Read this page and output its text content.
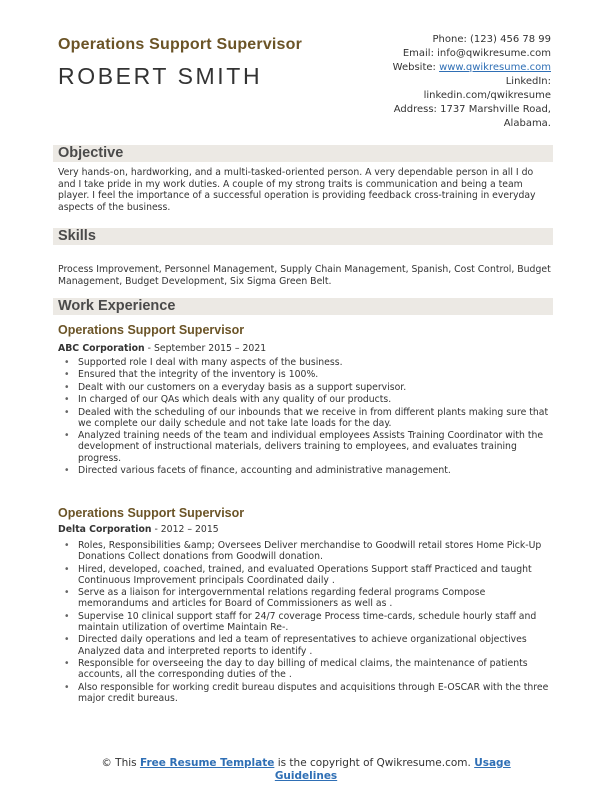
Operations Support Supervisor
ROBERT SMITH
Phone: (123) 456 78 99
Email: info@qwikresume.com
Website: www.qwikresume.com
LinkedIn:
linkedin.com/qwikresume
Address: 1737 Marshville Road,
Alabama.
Objective
Very hands-on, hardworking, and a multi-tasked-oriented person. A very dependable person in all I do and I take pride in my work duties. A couple of my strong traits is communication and being a team player. I feel the importance of a successful operation is providing feedback cross-training in everyday aspects of the business.
Skills
Process Improvement, Personnel Management, Supply Chain Management, Spanish, Cost Control, Budget Management, Budget Development, Six Sigma Green Belt.
Work Experience
Operations Support Supervisor
ABC Corporation - September 2015 – 2021
• Supported role I deal with many aspects of the business.
• Ensured that the integrity of the inventory is 100%.
• Dealt with our customers on a everyday basis as a support supervisor.
• In charged of our QAs which deals with any quality of our products.
• Dealed with the scheduling of our inbounds that we receive in from different plants making sure that we complete our daily schedule and not take late loads for the day.
• Analyzed training needs of the team and individual employees Assists Training Coordinator with the development of instructional materials, delivers training to employees, and evaluates training progress.
• Directed various facets of finance, accounting and administrative management.
Operations Support Supervisor
Delta Corporation - 2012 – 2015
• Roles, Responsibilities &amp; Oversees Deliver merchandise to Goodwill retail stores Home Pick-Up Donations Collect donations from Goodwill donation.
• Hired, developed, coached, trained, and evaluated Operations Support staff Practiced and taught Continuous Improvement principals Coordinated daily .
• Serve as a liaison for intergovernmental relations regarding federal programs Compose memorandums and articles for Board of Commissioners as well as .
• Supervise 10 clinical support staff for 24/7 coverage Process time-cards, schedule hourly staff and maintain utilization of overtime Maintain Re-.
• Directed daily operations and led a team of representatives to achieve organizational objectives Analyzed data and interpreted reports to identify .
• Responsible for overseeing the day to day billing of medical claims, the maintenance of patients accounts, all the corresponding duties of the .
• Also responsible for working credit bureau disputes and acquisitions through E-OSCAR with the three major credit bureaus.
© This Free Resume Template is the copyright of Qwikresume.com. Usage
Guidelines
